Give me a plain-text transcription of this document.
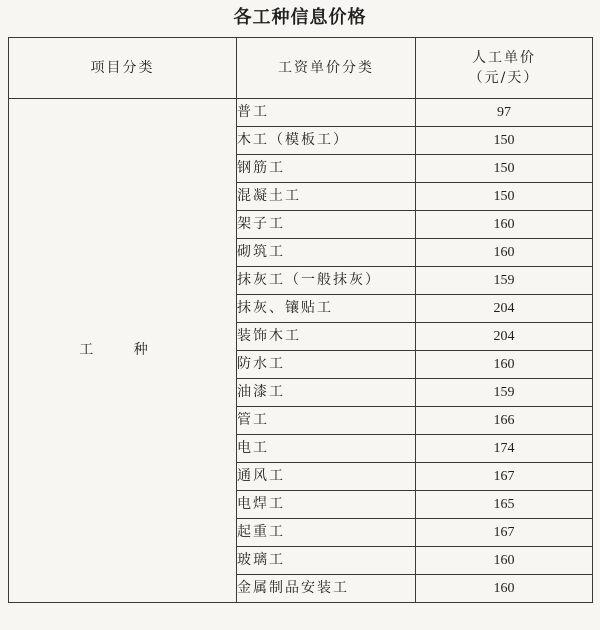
各工种信息价格
项目分类	工资单价分类	人工单价
（元/天）

工 种	普工	97
	木工（模板工）	150
	钢筋工	150
	混凝土工	150
	架子工	160
	砌筑工	160
	抹灰工（一般抹灰）	159
	抹灰、镶贴工	204
	装饰木工	204
	防水工	160
	油漆工	159
	管工	166
	电工	174
	通风工	167
	电焊工	165
	起重工	167
	玻璃工	160
	金属制品安装工	160
